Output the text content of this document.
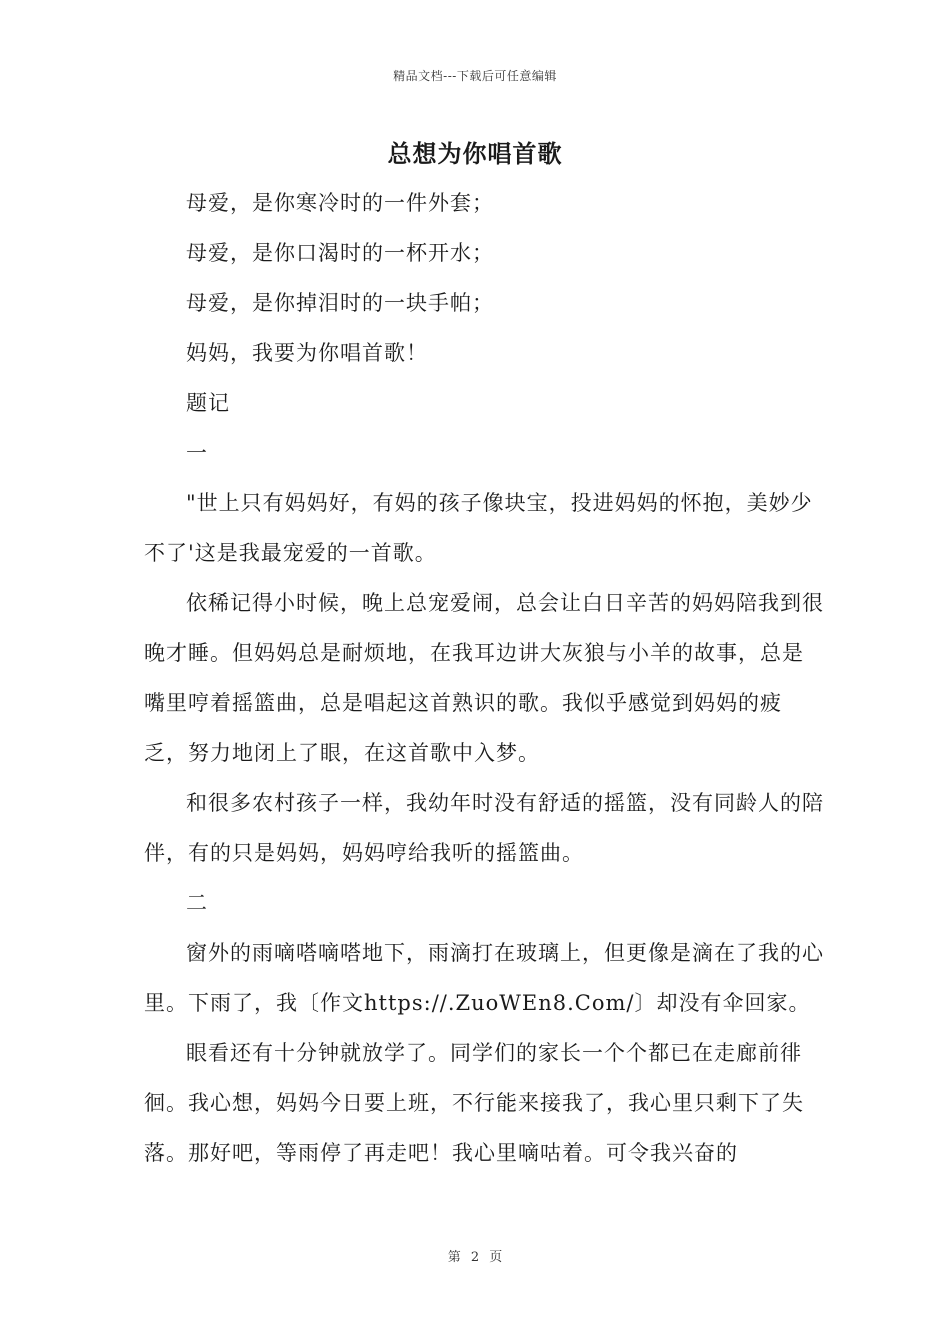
精品文档---下载后可任意编辑
总想为你唱首歌

母爱，是你寒冷时的一件外套；

母爱，是你口渴时的一杯开水；

母爱，是你掉泪时的一块手帕；

妈妈，我要为你唱首歌！

题记

一

"世上只有妈妈好，有妈的孩子像块宝，投进妈妈的怀抱，美妙少不了'这是我最宠爱的一首歌。

依稀记得小时候，晚上总宠爱闹，总会让白日辛苦的妈妈陪我到很晚才睡。但妈妈总是耐烦地，在我耳边讲大灰狼与小羊的故事，总是嘴里哼着摇篮曲，总是唱起这首熟识的歌。我似乎感觉到妈妈的疲乏，努力地闭上了眼，在这首歌中入梦。

和很多农村孩子一样，我幼年时没有舒适的摇篮，没有同龄人的陪伴，有的只是妈妈，妈妈哼给我听的摇篮曲。

二

窗外的雨嘀嗒嘀嗒地下，雨滴打在玻璃上，但更像是滴在了我的心里。下雨了，我〔作文https://.ZuoWEn8.Com/〕却没有伞回家。

眼看还有十分钟就放学了。同学们的家长一个个都已在走廊前徘徊。我心想，妈妈今日要上班，不行能来接我了，我心里只剩下了失落。那好吧，等雨停了再走吧！我心里嘀咕着。可令我兴奋的

第 2 页
